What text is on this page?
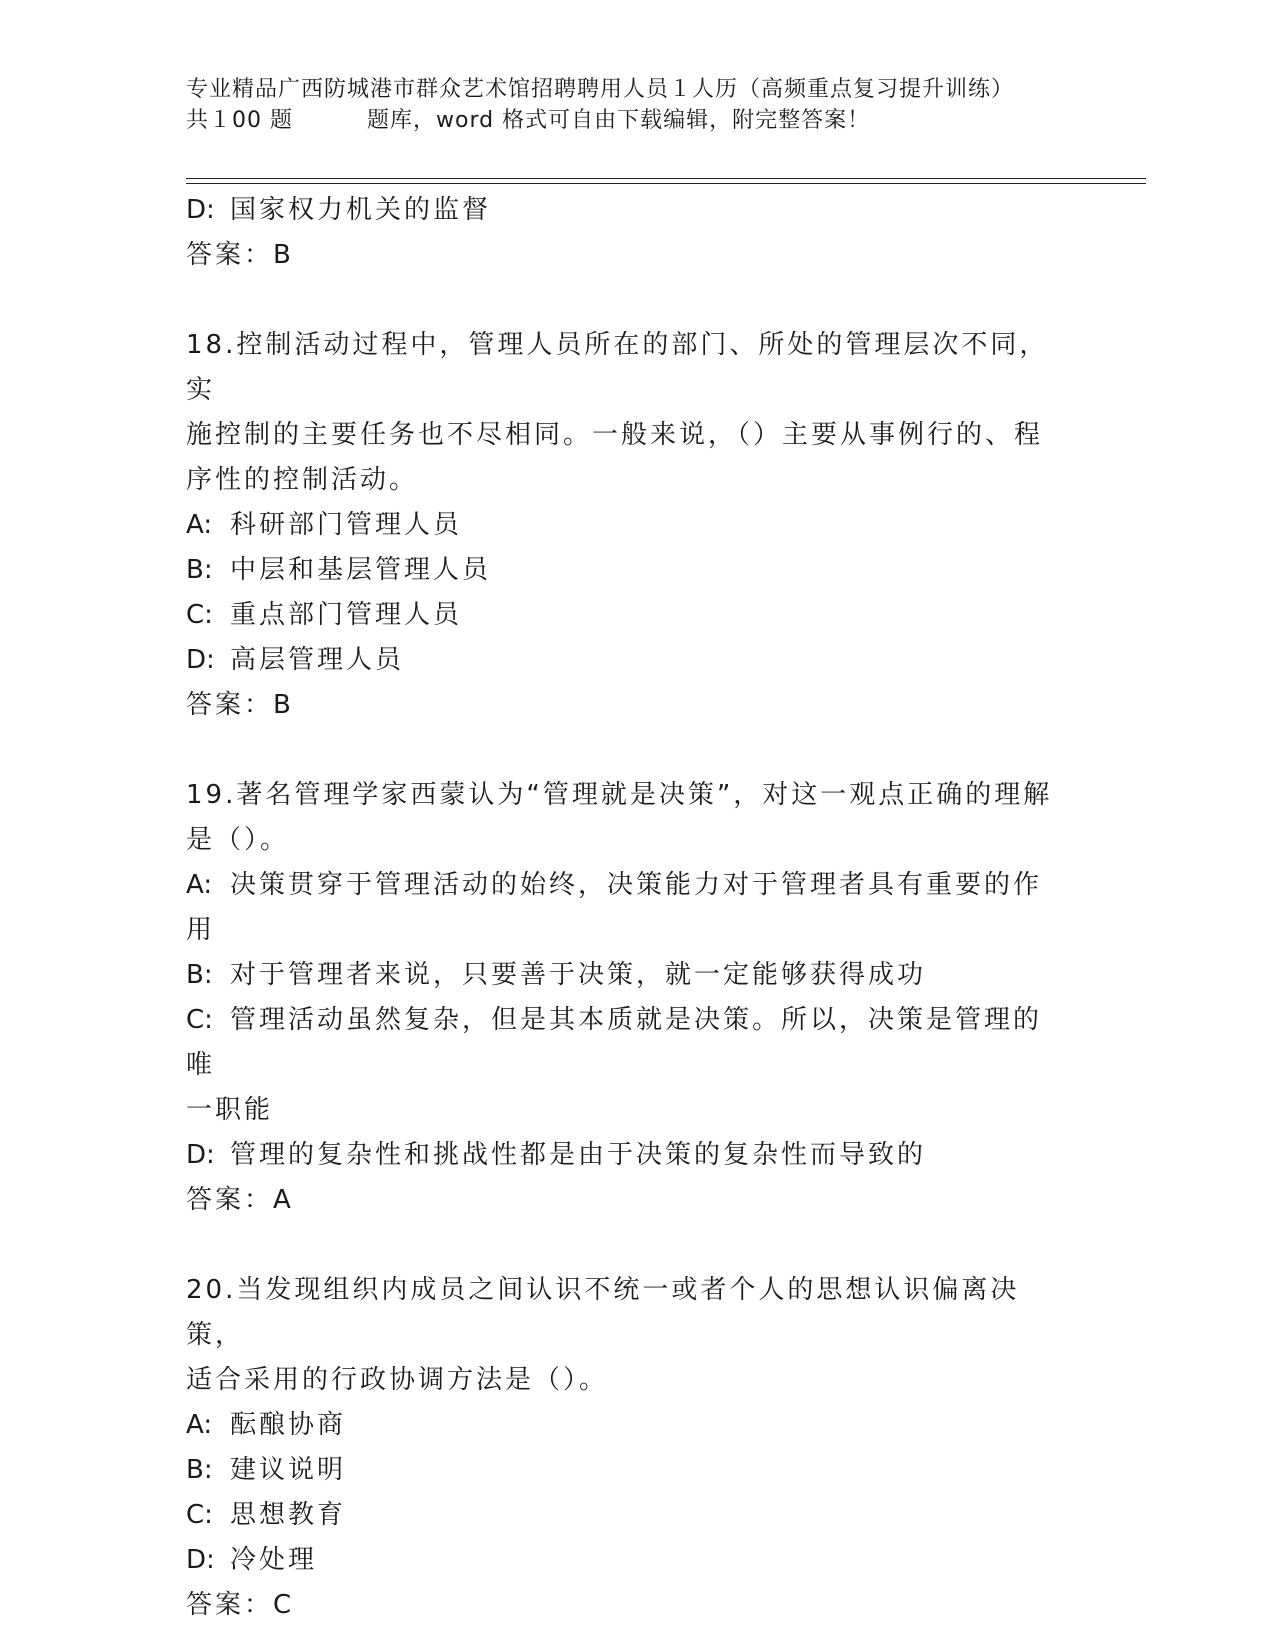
专业精品广西防城港市群众艺术馆招聘聘用人员１人历（高频重点复习提升训练）
共１00 题	题库，word 格式可自由下载编辑，附完整答案！
D: 国家权力机关的监督
答案：B
18.控制活动过程中，管理人员所在的部门、所处的管理层次不同，实
施控制的主要任务也不尽相同。一般来说，（）主要从事例行的、程
序性的控制活动。
A: 科研部门管理人员
B: 中层和基层管理人员
C: 重点部门管理人员
D: 高层管理人员
答案：B
19.著名管理学家西蒙认为“管理就是决策”，对这一观点正确的理解
是（）。
A: 决策贯穿于管理活动的始终，决策能力对于管理者具有重要的作用
B: 对于管理者来说，只要善于决策，就一定能够获得成功
C: 管理活动虽然复杂，但是其本质就是决策。所以，决策是管理的唯
一职能
D: 管理的复杂性和挑战性都是由于决策的复杂性而导致的
答案：A
20.当发现组织内成员之间认识不统一或者个人的思想认识偏离决策，
适合采用的行政协调方法是（）。
A: 酝酿协商
B: 建议说明
C: 思想教育
D: 冷处理
答案：C
